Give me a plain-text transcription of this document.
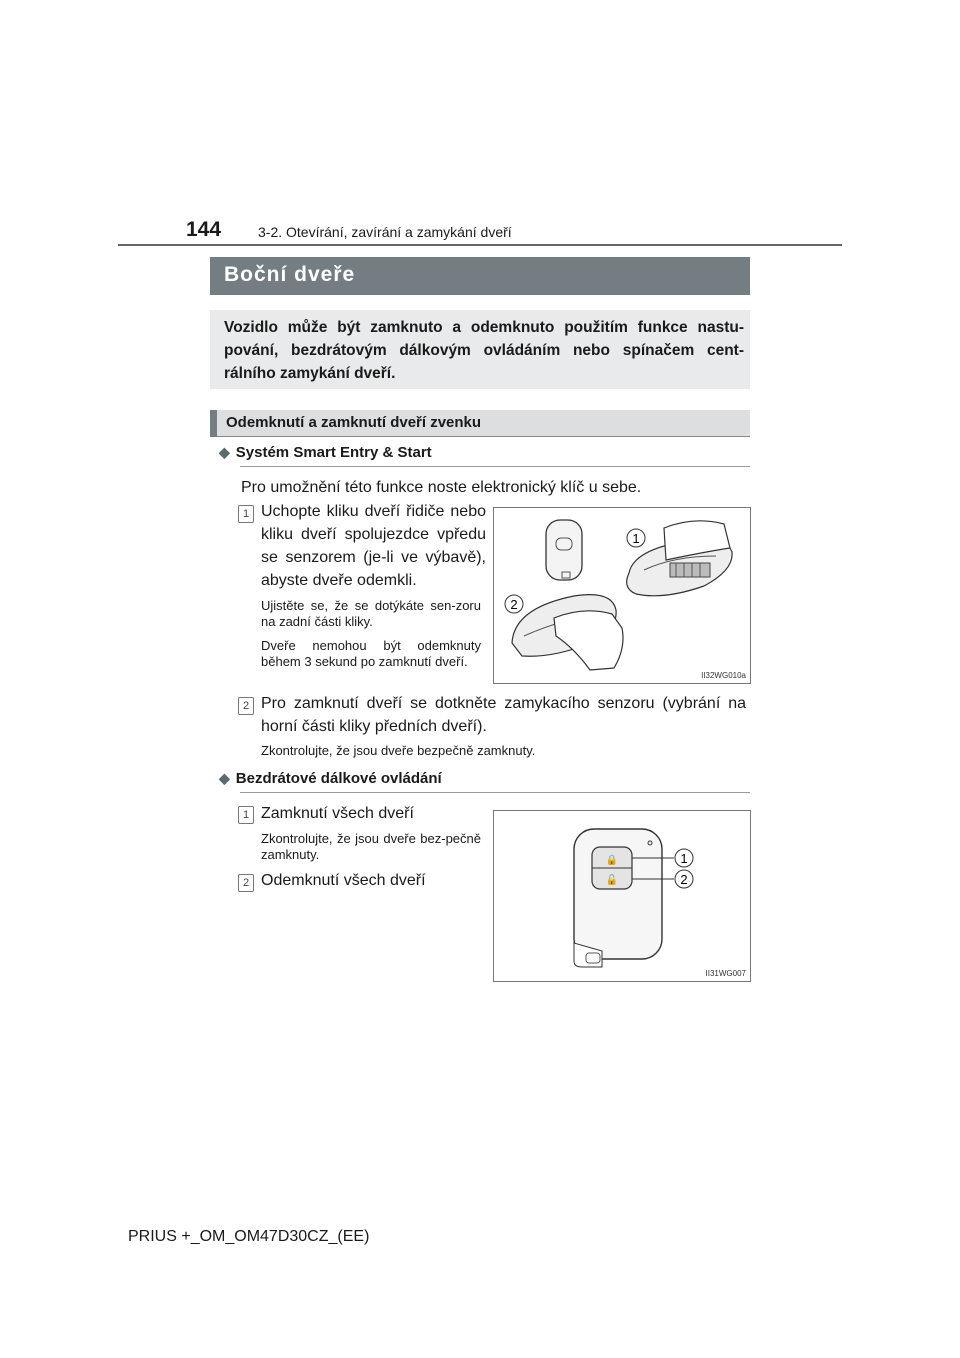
144	3-2. Otevírání, zavírání a zamykání dveří
Boční dveře
Vozidlo může být zamknuto a odemknuto použitím funkce nastu-pování, bezdrátovým dálkovým ovládáním nebo spínačem cent-rálního zamykání dveří.
Odemknutí a zamknutí dveří zvenku
◆ Systém Smart Entry & Start
Pro umožnění této funkce noste elektronický klíč u sebe.
1 Uchopte kliku dveří řidiče nebo kliku dveří spolujezdce vpředu se senzorem (je-li ve výbavě), abyste dveře odemkli.
Ujistěte se, že se dotýkáte sen-zoru na zadní části kliky.
Dveře nemohou být odemknuty během 3 sekund po zamknutí dveří.
1
2
II32WG010a
2 Pro zamknutí dveří se dotkněte zamykacího senzoru (vybrání na horní části kliky předních dveří).
Zkontrolujte, že jsou dveře bezpečně zamknuty.
◆ Bezdrátové dálkové ovládání
1 Zamknutí všech dveří
Zkontrolujte, že jsou dveře bez-pečně zamknuty.
2 Odemknutí všech dveří
🔒
🔓
1
2
II31WG007
PRIUS +_OM_OM47D30CZ_(EE)
